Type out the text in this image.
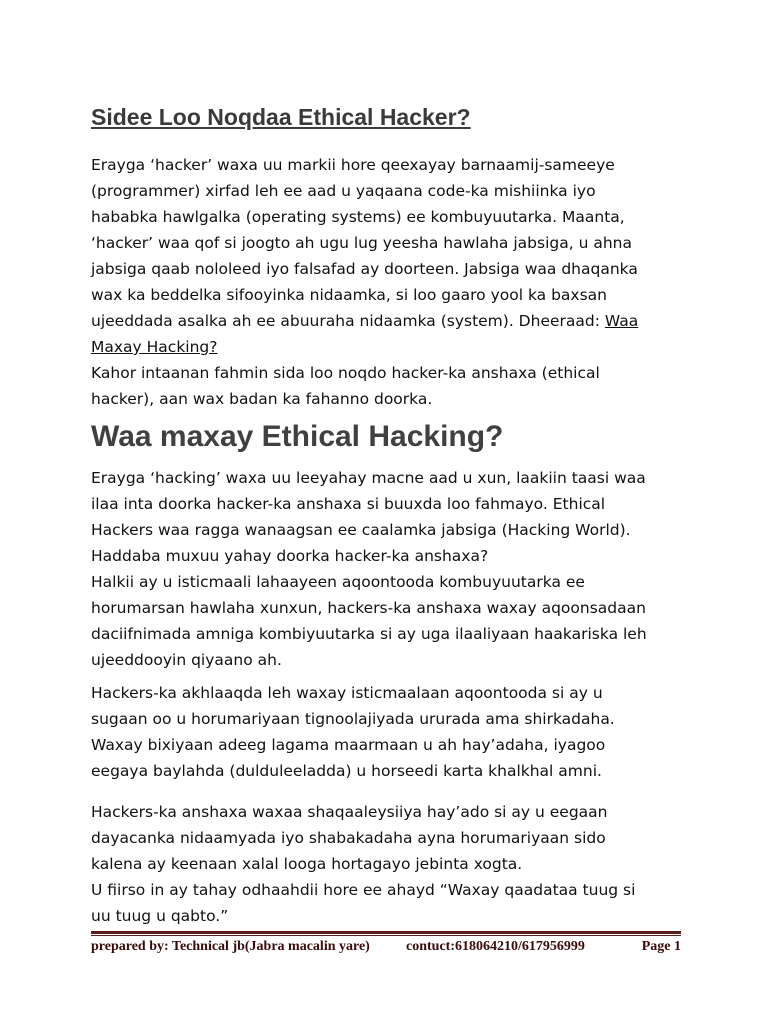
Sidee Loo Noqdaa Ethical Hacker?
Erayga ‘hacker’ waxa uu markii hore qeexayay barnaamij-sameeye
(programmer) xirfad leh ee aad u yaqaana code-ka mishiinka iyo
hababka hawlgalka (operating systems) ee kombuyuutarka. Maanta,
‘hacker’ waa qof si joogto ah ugu lug yeesha hawlaha jabsiga, u ahna
jabsiga qaab nololeed iyo falsafad ay doorteen. Jabsiga waa dhaqanka
wax ka beddelka sifooyinka nidaamka, si loo gaaro yool ka baxsan
ujeeddada asalka ah ee abuuraha nidaamka (system). Dheeraad: Waa
Maxay Hacking?
Kahor intaanan fahmin sida loo noqdo hacker-ka anshaxa (ethical
hacker), aan wax badan ka fahanno doorka.
Waa maxay Ethical Hacking?
Erayga ‘hacking’ waxa uu leeyahay macne aad u xun, laakiin taasi waa
ilaa inta doorka hacker-ka anshaxa si buuxda loo fahmayo. Ethical
Hackers waa ragga wanaagsan ee caalamka jabsiga (Hacking World).
Haddaba muxuu yahay doorka hacker-ka anshaxa?
Halkii ay u isticmaali lahaayeen aqoontooda kombuyuutarka ee
horumarsan hawlaha xunxun, hackers-ka anshaxa waxay aqoonsadaan
daciifnimada amniga kombiyuutarka si ay uga ilaaliyaan haakariska leh
ujeeddooyin qiyaano ah.
Hackers-ka akhlaaqda leh waxay isticmaalaan aqoontooda si ay u
sugaan oo u horumariyaan tignoolajiyada ururada ama shirkadaha.
Waxay bixiyaan adeeg lagama maarmaan u ah hay’adaha, iyagoo
eegaya baylahda (dulduleeladda) u horseedi karta khalkhal amni.
Hackers-ka anshaxa waxaa shaqaaleysiiya hay’ado si ay u eegaan
dayacanka nidaamyada iyo shabakadaha ayna horumariyaan sido
kalena ay keenaan xalal looga hortagayo jebinta xogta.
U fiirso in ay tahay odhaahdii hore ee ahayd “Waxay qaadataa tuug si
uu tuug u qabto.”
prepared by: Technical jb(Jabra macalin yare)	contuct:618064210/617956999	Page 1
